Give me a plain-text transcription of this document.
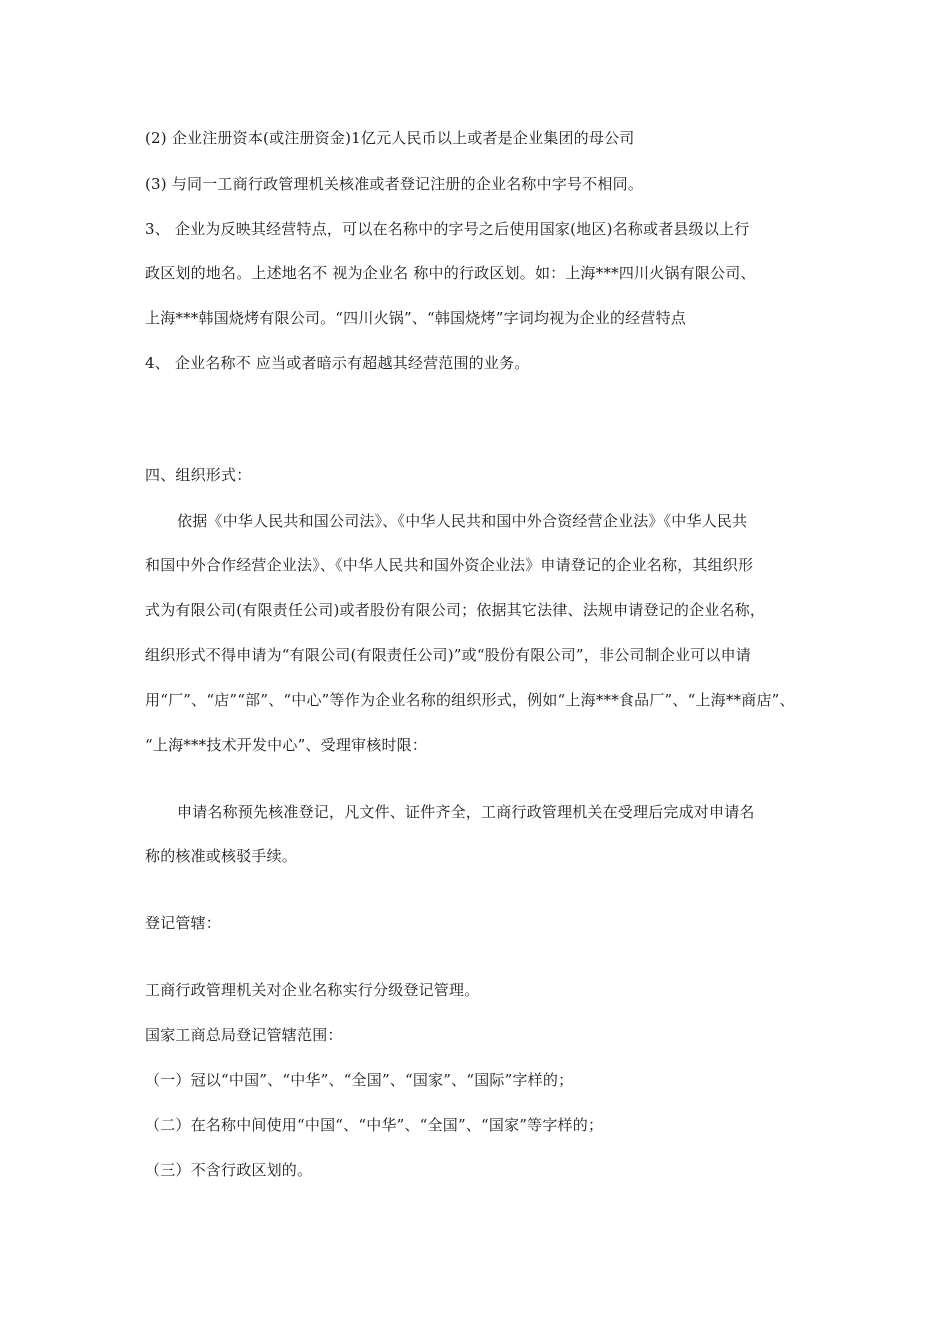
(2) 企业注册资本(或注册资金)1亿元人民币以上或者是企业集团的母公司
(3) 与同一工商行政管理机关核准或者登记注册的企业名称中字号不相同。
3、 企业为反映其经营特点，可以在名称中的字号之后使用国家(地区)名称或者县级以上行
政区划的地名。上述地名不 视为企业名 称中的行政区划。如：上海***四川火锅有限公司、
上海***韩国烧烤有限公司。“四川火锅”、“韩国烧烤”字词均视为企业的经营特点
4、 企业名称不 应当或者暗示有超越其经营范围的业务。
四、组织形式：
依据《中华人民共和国公司法》、《中华人民共和国中外合资经营企业法》《中华人民共
和国中外合作经营企业法》、《中华人民共和国外资企业法》申请登记的企业名称，其组织形
式为有限公司(有限责任公司)或者股份有限公司；依据其它法律、法规申请登记的企业名称，
组织形式不得申请为“有限公司(有限责任公司)”或“股份有限公司”，非公司制企业可以申请
用“厂”、“店”“部”、“中心”等作为企业名称的组织形式，例如“上海***食品厂”、“上海**商店”、
“上海***技术开发中心”、受理审核时限：
申请名称预先核准登记，凡文件、证件齐全，工商行政管理机关在受理后完成对申请名
称的核准或核驳手续。
登记管辖：
工商行政管理机关对企业名称实行分级登记管理。
国家工商总局登记管辖范围：
（一）冠以“中国”、“中华”、“全国”、“国家”、“国际”字样的；
（二）在名称中间使用“中国“、“中华”、“全国”、“国家”等字样的；
（三）不含行政区划的。
